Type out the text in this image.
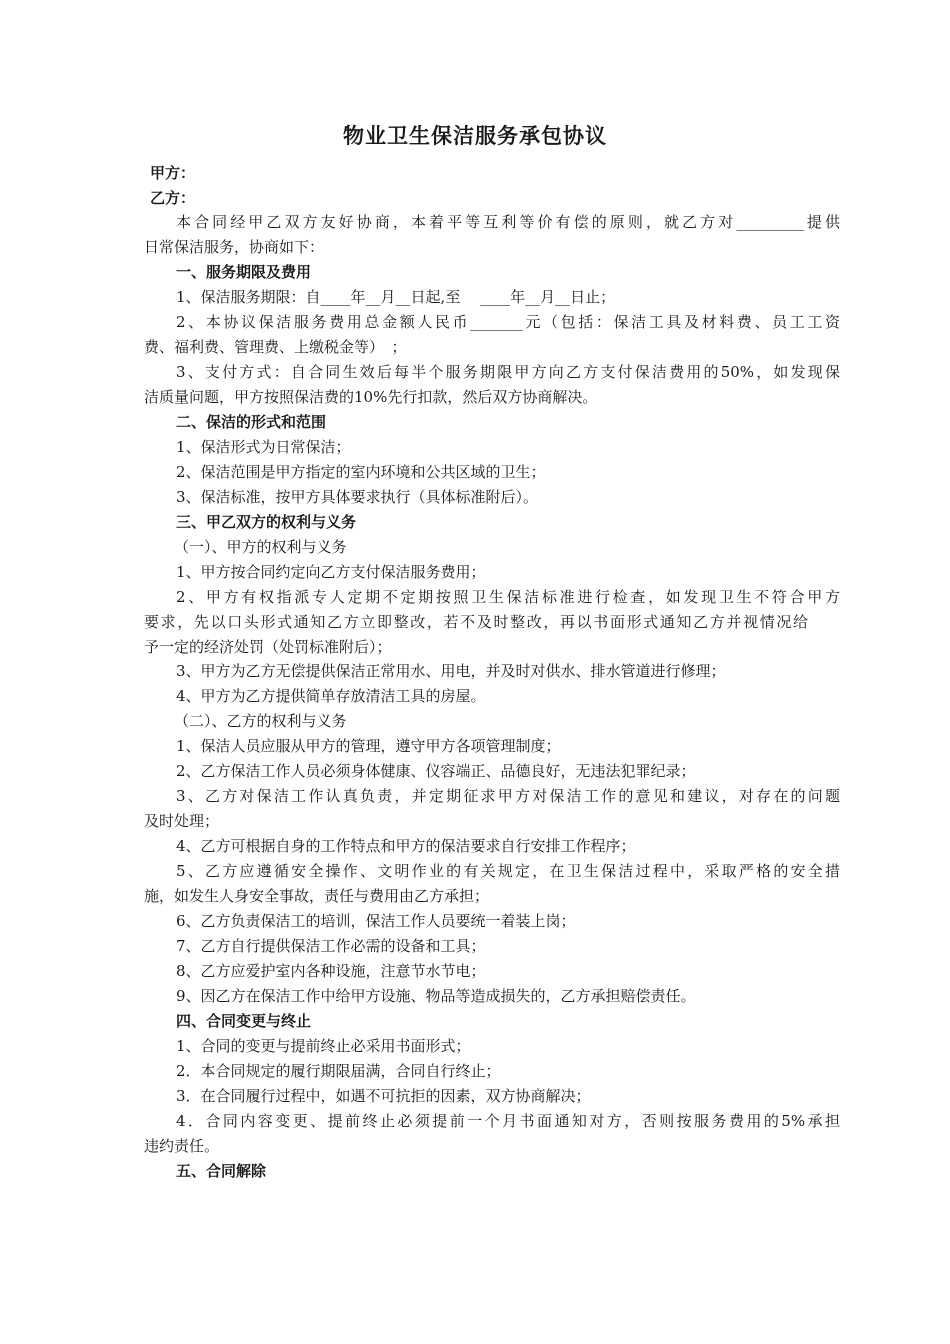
物业卫生保洁服务承包协议
甲方：
乙方：
本合同经甲乙双方友好协商，本着平等互利等价有偿的原则，就乙方对_________提供
日常保洁服务，协商如下：
一、服务期限及费用
1、保洁服务期限：自____年__月__日起,至　 ____年__月__日止；
2、本协议保洁服务费用总金额人民币_______元（包括：保洁工具及材料费、员工工资
费、福利费、管理费、上缴税金等）　；
3、支付方式：自合同生效后每半个服务期限甲方向乙方支付保洁费用的50%，如发现保
洁质量问题，甲方按照保洁费的10%先行扣款，然后双方协商解决。
二、保洁的形式和范围
1、保洁形式为日常保洁；
2、保洁范围是甲方指定的室内环境和公共区域的卫生；
3、保洁标准，按甲方具体要求执行（具体标准附后）。
三、甲乙双方的权利与义务
（一）、甲方的权利与义务
1、甲方按合同约定向乙方支付保洁服务费用；
2、甲方有权指派专人定期不定期按照卫生保洁标准进行检查，如发现卫生不符合甲方
要求，先以口头形式通知乙方立即整改，若不及时整改，再以书面形式通知乙方并视情况给
予一定的经济处罚（处罚标准附后）；
3、甲方为乙方无偿提供保洁正常用水、用电，并及时对供水、排水管道进行修理；
4、甲方为乙方提供简单存放清洁工具的房屋。
（二）、乙方的权利与义务
1、保洁人员应服从甲方的管理，遵守甲方各项管理制度；
2、乙方保洁工作人员必须身体健康、仪容端正、品德良好，无违法犯罪纪录；
3、乙方对保洁工作认真负责，并定期征求甲方对保洁工作的意见和建议，对存在的问题
及时处理；
4、乙方可根据自身的工作特点和甲方的保洁要求自行安排工作程序；
5、乙方应遵循安全操作、文明作业的有关规定，在卫生保洁过程中，采取严格的安全措
施，如发生人身安全事故，责任与费用由乙方承担；
6、乙方负责保洁工的培训，保洁工作人员要统一着装上岗；
7、乙方自行提供保洁工作必需的设备和工具；
8、乙方应爱护室内各种设施，注意节水节电；
9、因乙方在保洁工作中给甲方设施、物品等造成损失的，乙方承担赔偿责任。
四、合同变更与终止
1、合同的变更与提前终止必采用书面形式；
2．本合同规定的履行期限届满，合同自行终止；
3．在合同履行过程中，如遇不可抗拒的因素，双方协商解决；
4．合同内容变更、提前终止必须提前一个月书面通知对方，否则按服务费用的5%承担
违约责任。
五、合同解除
